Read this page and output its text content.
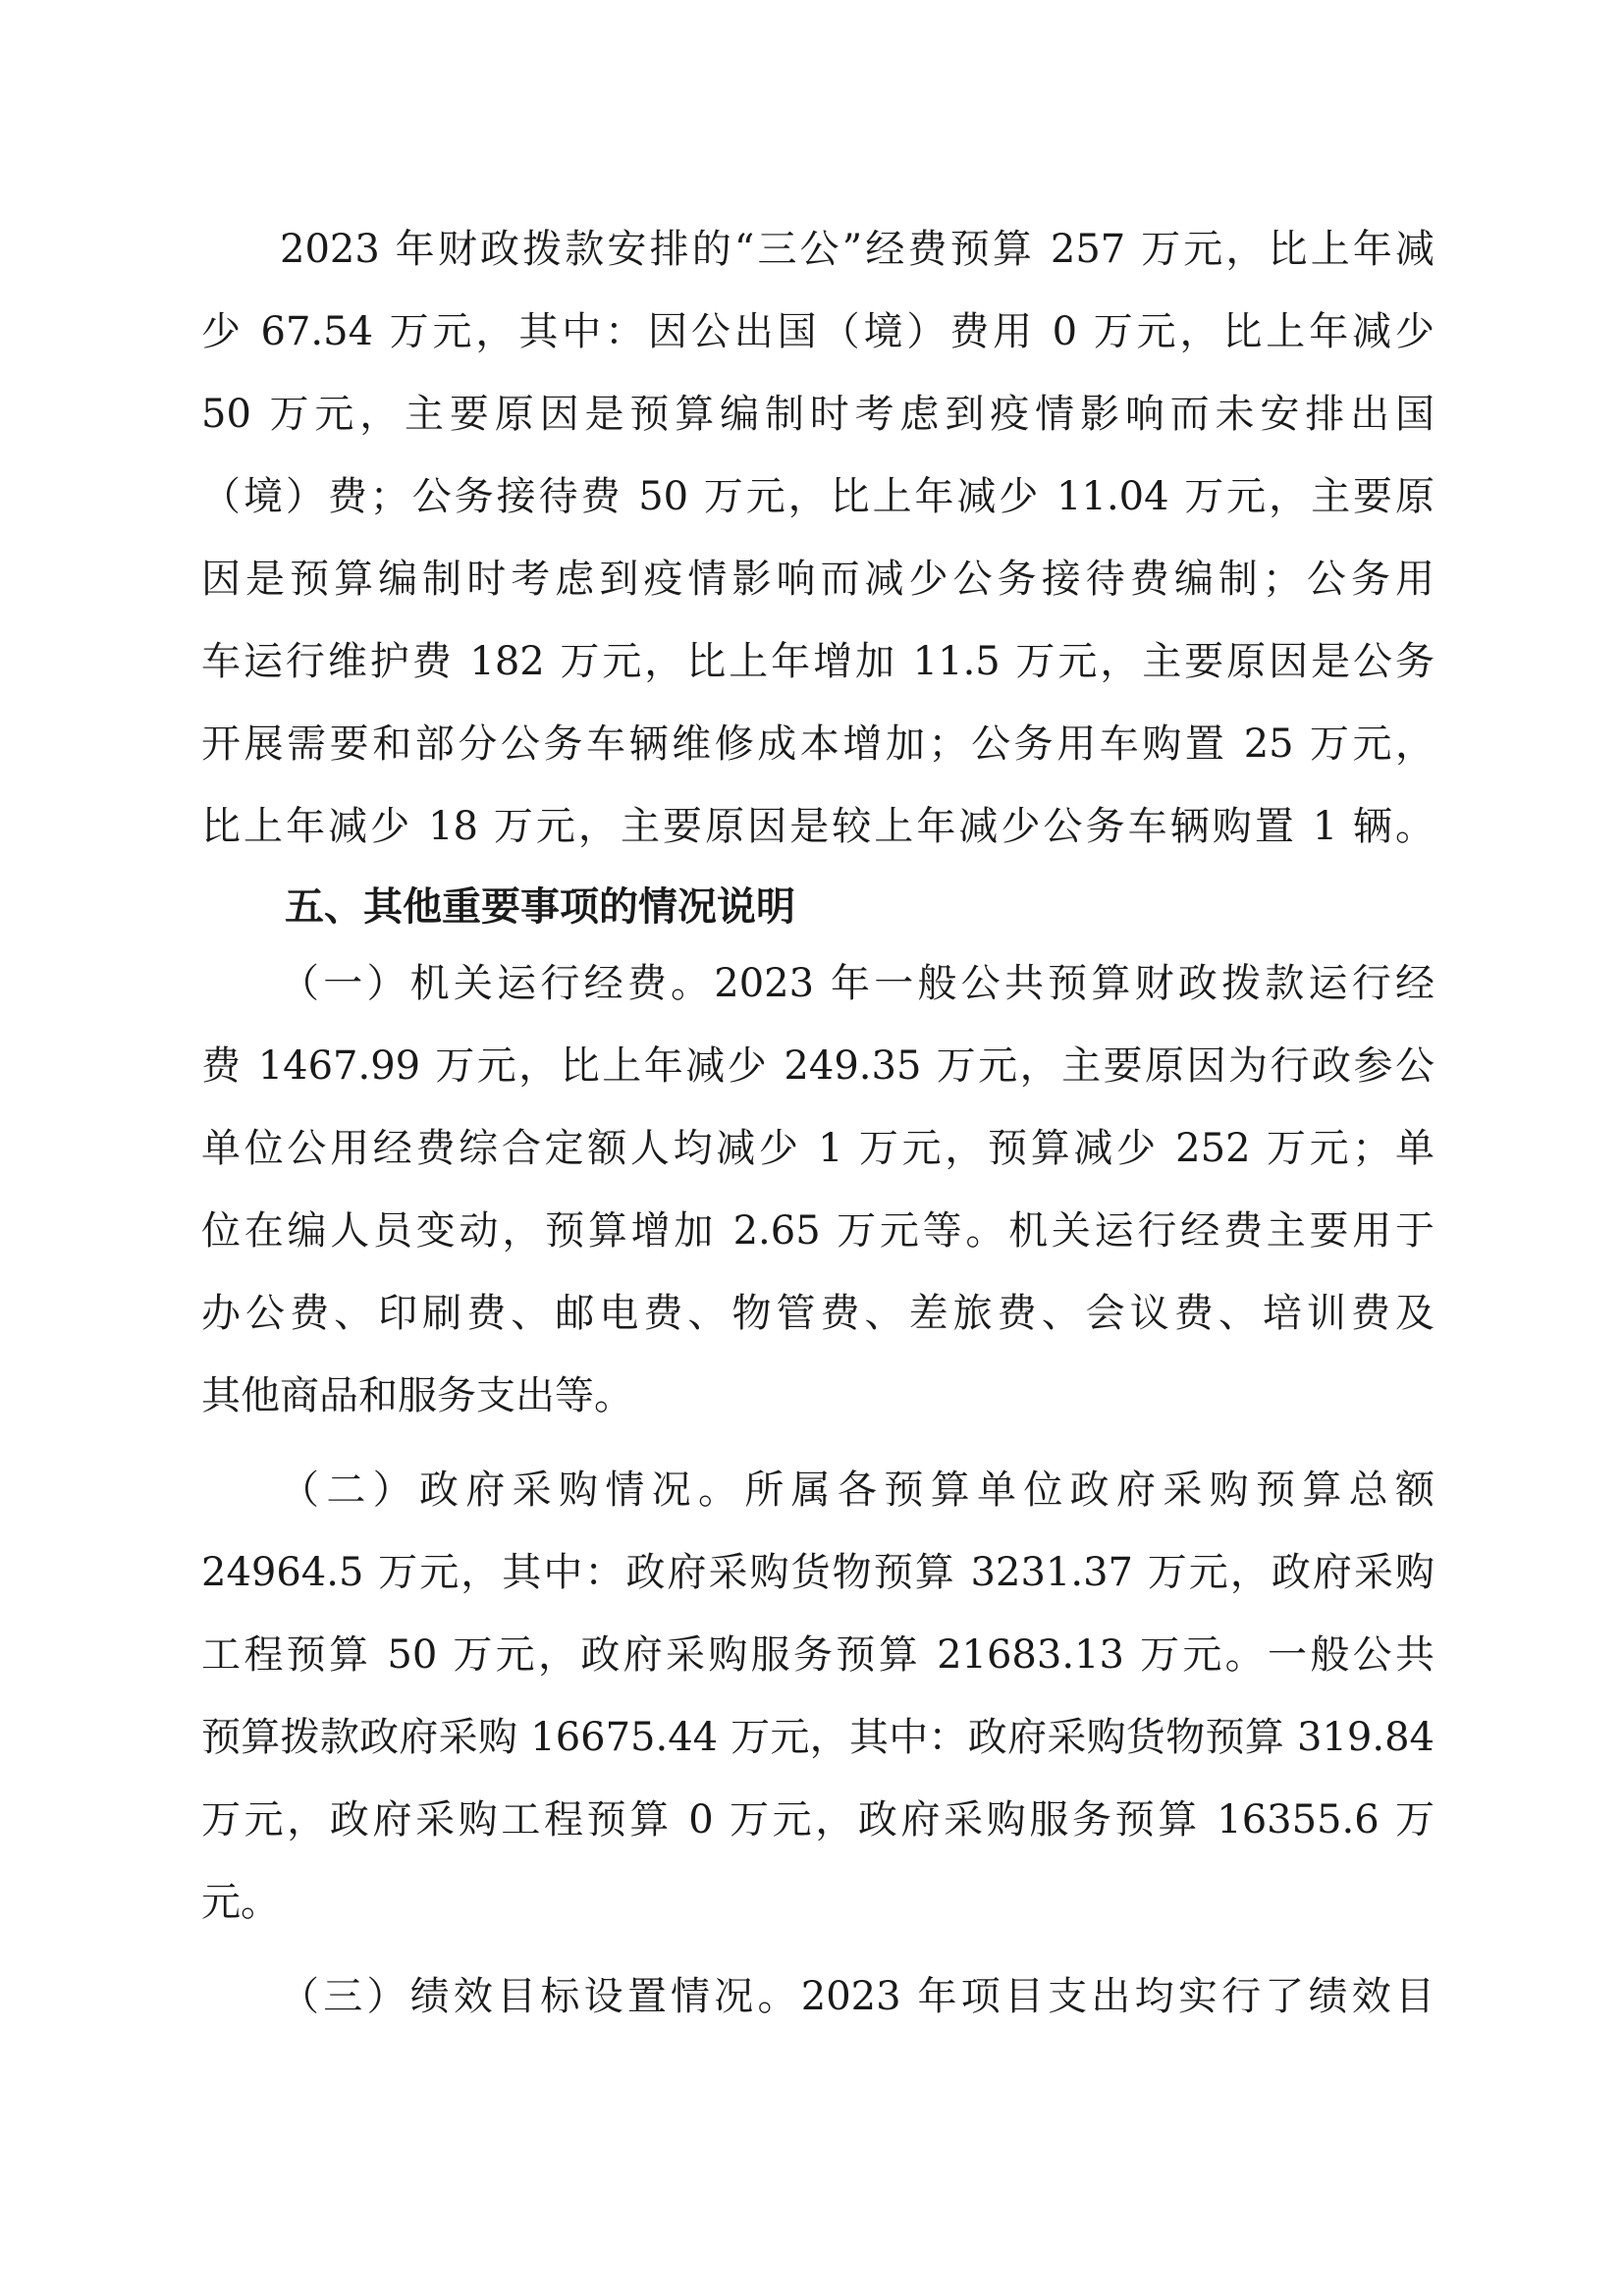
2023 年财政拨款安排的“三公”经费预算 257 万元，比上年减
少 67.54 万元，其中：因公出国（境）费用 0 万元，比上年减少
50 万元，主要原因是预算编制时考虑到疫情影响而未安排出国
（境）费；公务接待费 50 万元，比上年减少 11.04 万元，主要原
因是预算编制时考虑到疫情影响而减少公务接待费编制；公务用
车运行维护费 182 万元，比上年增加 11.5 万元，主要原因是公务
开展需要和部分公务车辆维修成本增加；公务用车购置 25 万元，
比上年减少 18 万元，主要原因是较上年减少公务车辆购置 1 辆。
五、其他重要事项的情况说明
（一）机关运行经费。2023 年一般公共预算财政拨款运行经
费 1467.99 万元，比上年减少 249.35 万元，主要原因为行政参公
单位公用经费综合定额人均减少 1 万元，预算减少 252 万元；单
位在编人员变动，预算增加 2.65 万元等。机关运行经费主要用于
办公费、印刷费、邮电费、物管费、差旅费、会议费、培训费及
其他商品和服务支出等。
（二）政府采购情况。所属各预算单位政府采购预算总额
24964.5 万元，其中：政府采购货物预算 3231.37 万元，政府采购
工程预算 50 万元，政府采购服务预算 21683.13 万元。一般公共
预算拨款政府采购 16675.44 万元，其中：政府采购货物预算 319.84
万元，政府采购工程预算 0 万元，政府采购服务预算 16355.6 万
元。
（三）绩效目标设置情况。2023 年项目支出均实行了绩效目
